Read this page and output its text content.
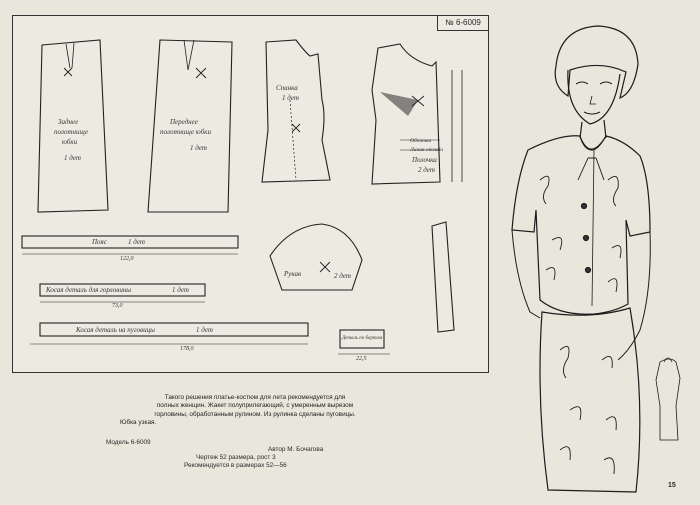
№ 6-6009
Заднее
полотнище
юбки
1 дет
Переднее
полотнище юбки
1 дет
Спинка
1 дет
Полочка
2 дет
Обтачка
Линия отгиба
Рукав	2 дет
Пояс	1 дет
122,0
Косая деталь для горловины	1 дет
73,0
Косая деталь на пуговицы	1 дет
178,0
Деталь по бортам
22,5
Такого решения платье-костюм для лета рекомендуется для
полных женщин. Жакет полуприлегающий, с умеренным вырезом
горловины, обработанным рулином. Из рулинка сделаны пуговицы.
Юбка узкая.
Модель 6-6009
Автор М. Бочагова
Чертеж 52 размера, рост 3
Рекомендуется в размерах 52—56
15
